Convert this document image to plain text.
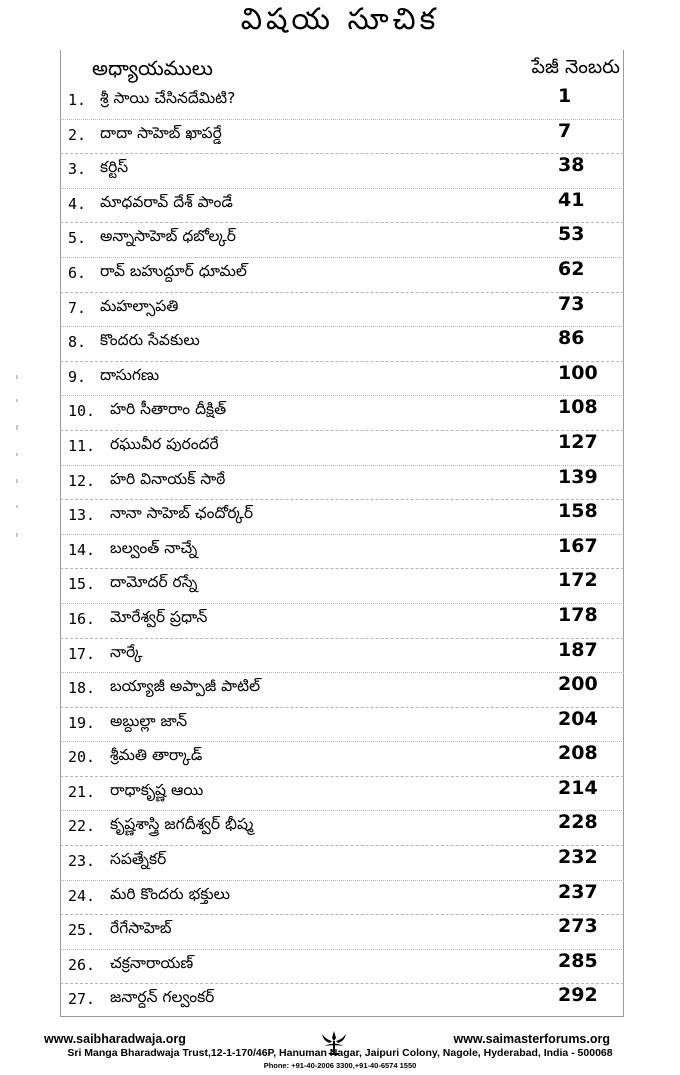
విషయ సూచిక
అధ్యాయములు	పేజీ నెంబరు
1. శ్రీ సాయి చేసినదేమిటి?	1
2. దాదా సాహెబ్ ఖాపర్డే	7
3. కర్టిస్	38
4. మాధవరావ్ దేశ్ పాండే	41
5. అన్నాసాహెబ్ ధబోల్కర్	53
6. రావ్ బహుద్దూర్ ధూమల్	62
7. మహల్సాపతి	73
8. కొందరు సేవకులు	86
9. దాసుగణు	100
10. హరి సీతారాం దీక్షిత్	108
11. రఘువీర పురందరే	127
12. హరి వినాయక్ సాఠే	139
13. నానా సాహెబ్ ఛందోర్కర్	158
14. బల్వంత్ నాచ్నే	167
15. దామోదర్ రస్నే	172
16. మోరేశ్వర్ ప్రధాన్	178
17. నార్కే	187
18. బయ్యాజీ అప్పాజీ పాటిల్	200
19. అబ్దుల్లా జాన్	204
20. శ్రీమతి తార్కాడ్	208
21. రాధాకృష్ణ ఆయి	214
22. కృష్ణశాస్త్రి జగదీశ్వర్ భీష్మ	228
23. సపత్నేకర్	232
24. మరి కొందరు భక్తులు	237
25. రేగేసాహెబ్	273
26. చక్రనారాయణ్	285
27. జనార్దన్ గల్వంకర్	292
www.saibharadwaja.org	www.saimasterforums.org
Sri Manga Bharadwaja Trust,12-1-170/46P, Hanuman Nagar, Jaipuri Colony, Nagole, Hyderabad, India - 500068
Phone: +91-40-2006 3300,+91-40-6574 1550
